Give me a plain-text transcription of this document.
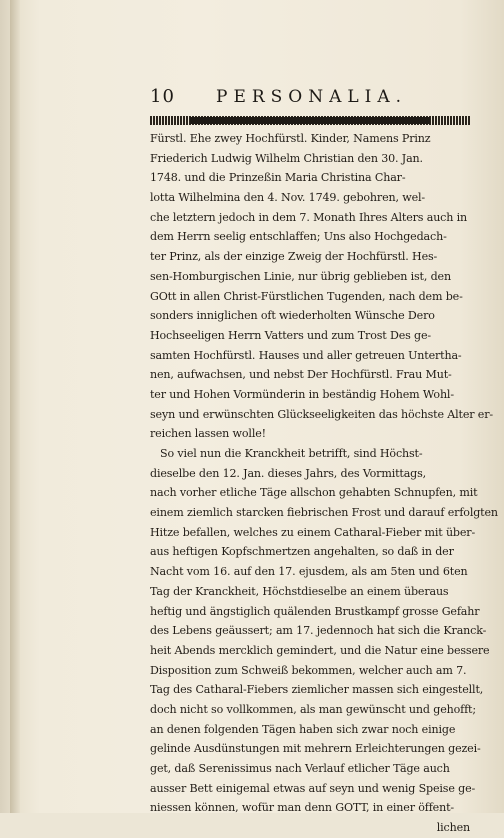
10 PERSONALIA.
Fürstl. Ehe zwey Hochfürstl. Kinder, Namens Prinz
Friederich Ludwig Wilhelm Christian den 30. Jan.
1748. und die Prinzeßin Maria Christina Char-
lotta Wilhelmina den 4. Nov. 1749. gebohren, wel-
che letztern jedoch in dem 7. Monath Ihres Alters auch in
dem Herrn seelig entschlaffen; Uns also Hochgedach-
ter Prinz, als der einzige Zweig der Hochfürstl. Hes-
sen-Homburgischen Linie, nur übrig geblieben ist, den
GOtt in allen Christ-Fürstlichen Tugenden, nach dem be-
sonders inniglichen oft wiederholten Wünsche Dero
Hochseeligen Herrn Vatters und zum Trost Des ge-
samten Hochfürstl. Hauses und aller getreuen Untertha-
nen, aufwachsen, und nebst Der Hochfürstl. Frau Mut-
ter und Hohen Vormünderin in beständig Hohem Wohl-
seyn und erwünschten Glückseeligkeiten das höchste Alter er-
reichen lassen wolle!
So viel nun die Kranckheit betrifft, sind Höchst-
dieselbe den 12. Jan. dieses Jahrs, des Vormittags,
nach vorher etliche Täge allschon gehabten Schnupfen, mit
einem ziemlich starcken fiebrischen Frost und darauf erfolgten
Hitze befallen, welches zu einem Catharal-Fieber mit über-
aus heftigen Kopfschmertzen angehalten, so daß in der
Nacht vom 16. auf den 17. ejusdem, als am 5ten und 6ten
Tag der Kranckheit, Höchstdieselbe an einem überaus
heftig und ängstiglich quälenden Brustkampf grosse Gefahr
des Lebens geäussert; am 17. jedennoch hat sich die Kranck-
heit Abends mercklich gemindert, und die Natur eine bessere
Disposition zum Schweiß bekommen, welcher auch am 7.
Tag des Catharal-Fiebers ziemlicher massen sich eingestellt,
doch nicht so vollkommen, als man gewünscht und gehofft;
an denen folgenden Tägen haben sich zwar noch einige
gelinde Ausdünstungen mit mehrern Erleichterungen gezei-
get, daß Serenissimus nach Verlauf etlicher Täge auch
ausser Bett einigemal etwas auf seyn und wenig Speise ge-
niessen können, wofür man denn GOTT, in einer öffent-
lichen
